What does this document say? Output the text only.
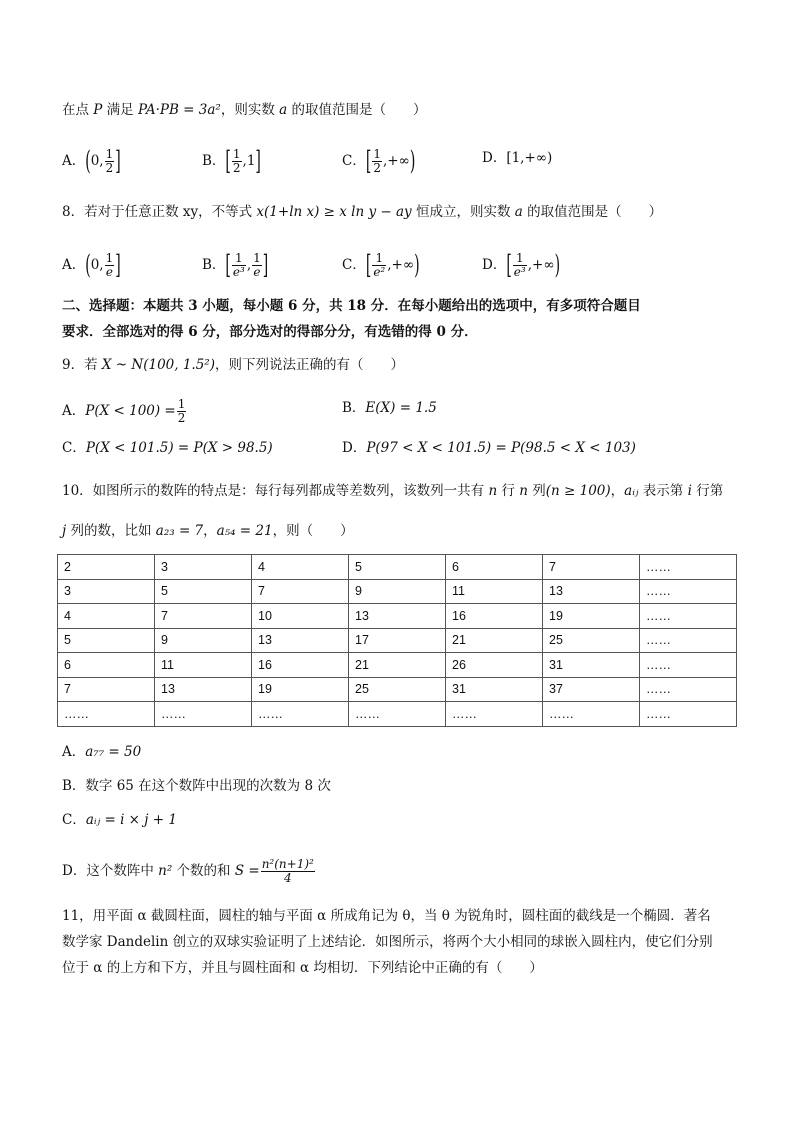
在点 P 满足 PA·PB = 3a²，则实数 a 的取值范围是（　　）
A．(0, $\frac{1}{2}$ ]	B．[ $\frac{1}{2} ,1$]	C．[ $\frac{1}{2}$ ,+∞)	D．[1,+∞)
8．若对于任意正数 xy，不等式 x(1+ln x) ≥ x ln y − ay 恒成立，则实数 a 的取值范围是（　　）
A．(0, $\frac{1}{e}$ ]	B．[ $\frac{1}{\text{e³}}$ , $\frac{1}{e}$ ]	C．[ $\frac{1}{\text{e²}}$ ,+∞)	D．[ $\frac{1}{\text{e³}}$ ,+∞)
二、选择题：本题共 3 小题，每小题 6 分，共 18 分．在每小题给出的选项中，有多项符合题目
要求．全部选对的得 6 分，部分选对的得部分分，有选错的得 0 分．
9．若 X ~ N(100, 1.5²)，则下列说法正确的有（　　）
A．$P(X < 100) = \frac{1}{2}$	B．E(X) = 1.5
C．P(X < 101.5) = P(X > 98.5)	D．P(97 < X < 101.5) = P(98.5 < X < 103)
10．如图所示的数阵的特点是：每行每列都成等差数列，该数列一共有 n 行 n 列(n ≥ 100)，aᵢⱼ 表示第 i 行第
j 列的数，比如 a₂₃ = 7，a₅₄ = 21，则（　　）
2	3	4	5	6	7	……
3	5	7	9	11	13	……
4	7	10	13	16	19	……
5	9	13	17	21	25	……
6	11	16	21	26	31	……
7	13	19	25	31	37	……
……	……	……	……	……	……	……
A．a₇₇ = 50
B．数字 65 在这个数阵中出现的次数为 8 次
C．aᵢⱼ = i × j + 1
D．这个数阵中 n² 个数的和 $S = \frac{\text{n²(n+1)²}}{4}$
11，用平面 α 截圆柱面，圆柱的轴与平面 α 所成角记为 θ，当 θ 为锐角时，圆柱面的截线是一个椭圆．著名
数学家 Dandelin 创立的双球实验证明了上述结论．如图所示，将两个大小相同的球嵌入圆柱内，使它们分别
位于 α 的上方和下方，并且与圆柱面和 α 均相切．下列结论中正确的有（　　）
